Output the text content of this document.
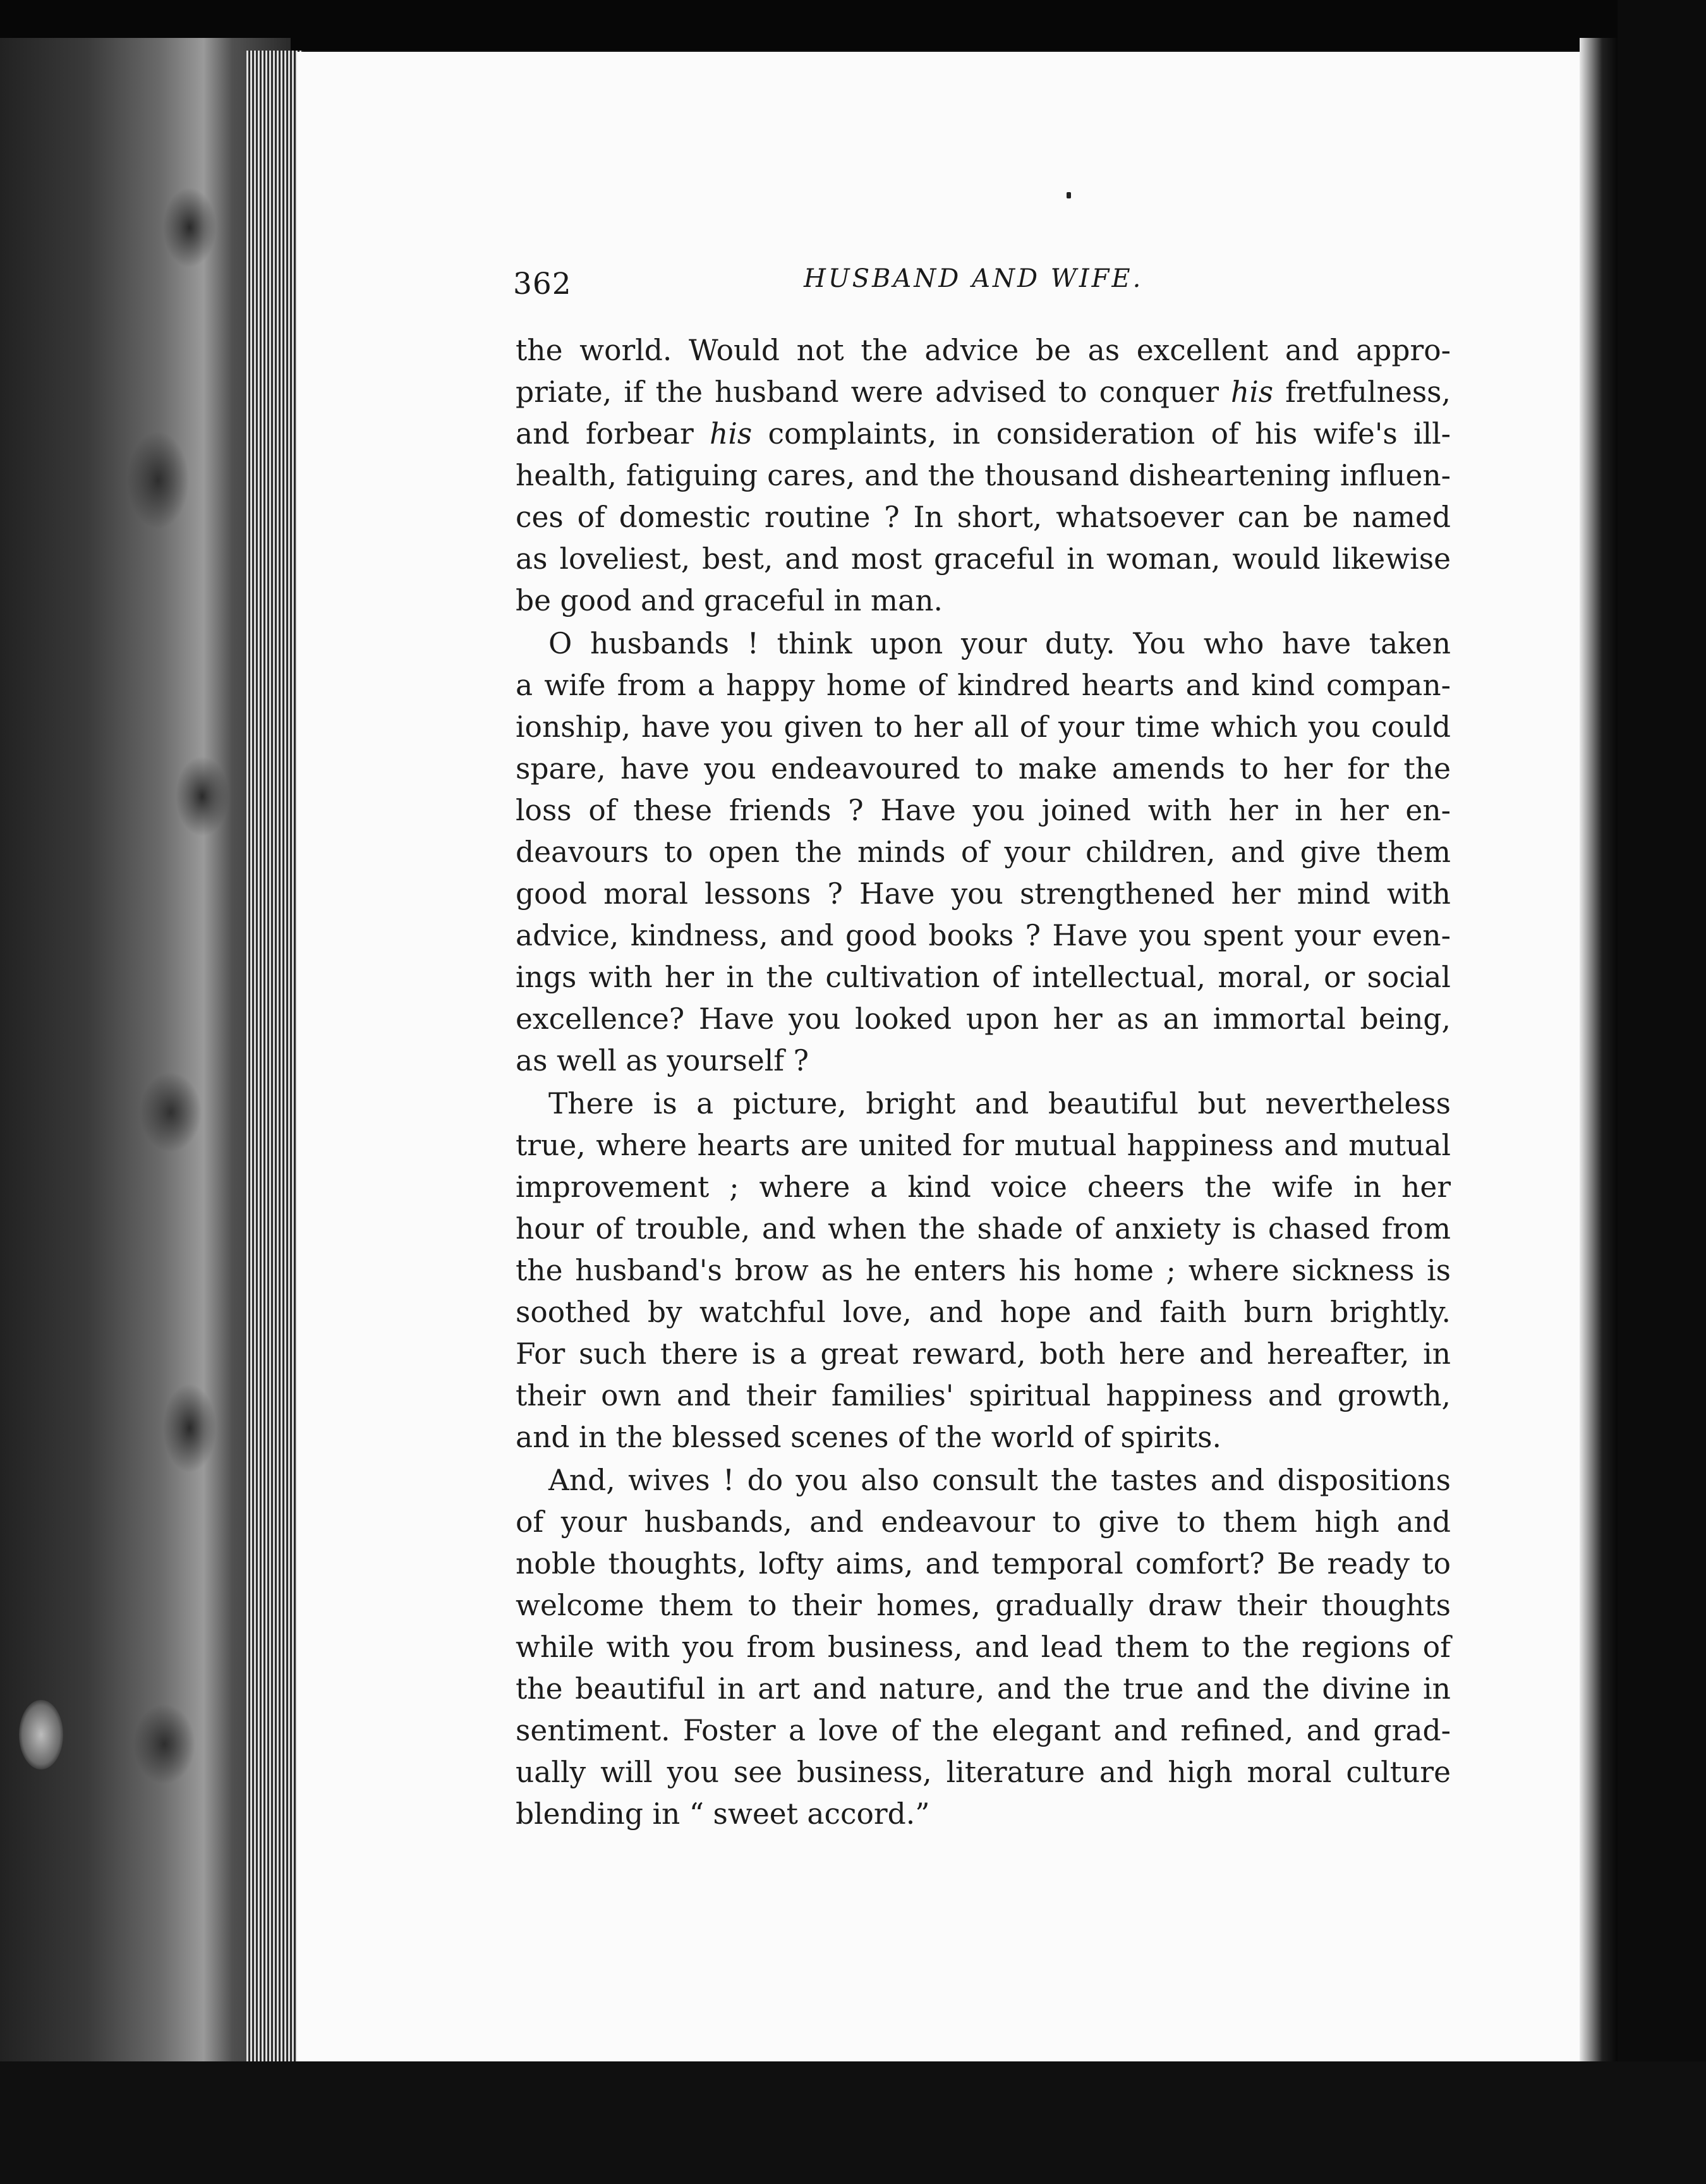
362	HUSBAND AND WIFE.
the world. Would not the advice be as excellent and appro-
priate, if the husband were advised to conquer his fretfulness,
and forbear his complaints, in consideration of his wife's ill-
health, fatiguing cares, and the thousand disheartening influen-
ces of domestic routine ? In short, whatsoever can be named
as loveliest, best, and most graceful in woman, would likewise
be good and graceful in man.
O husbands ! think upon your duty. You who have taken
a wife from a happy home of kindred hearts and kind compan-
ionship, have you given to her all of your time which you could
spare, have you endeavoured to make amends to her for the
loss of these friends ? Have you joined with her in her en-
deavours to open the minds of your children, and give them
good moral lessons ? Have you strengthened her mind with
advice, kindness, and good books ? Have you spent your even-
ings with her in the cultivation of intellectual, moral, or social
excellence? Have you looked upon her as an immortal being,
as well as yourself ?
There is a picture, bright and beautiful but nevertheless
true, where hearts are united for mutual happiness and mutual
improvement ; where a kind voice cheers the wife in her
hour of trouble, and when the shade of anxiety is chased from
the husband's brow as he enters his home ; where sickness is
soothed by watchful love, and hope and faith burn brightly.
For such there is a great reward, both here and hereafter, in
their own and their families' spiritual happiness and growth,
and in the blessed scenes of the world of spirits.
And, wives ! do you also consult the tastes and dispositions
of your husbands, and endeavour to give to them high and
noble thoughts, lofty aims, and temporal comfort? Be ready to
welcome them to their homes, gradually draw their thoughts
while with you from business, and lead them to the regions of
the beautiful in art and nature, and the true and the divine in
sentiment. Foster a love of the elegant and refined, and grad-
ually will you see business, literature and high moral culture
blending in “ sweet accord.”
